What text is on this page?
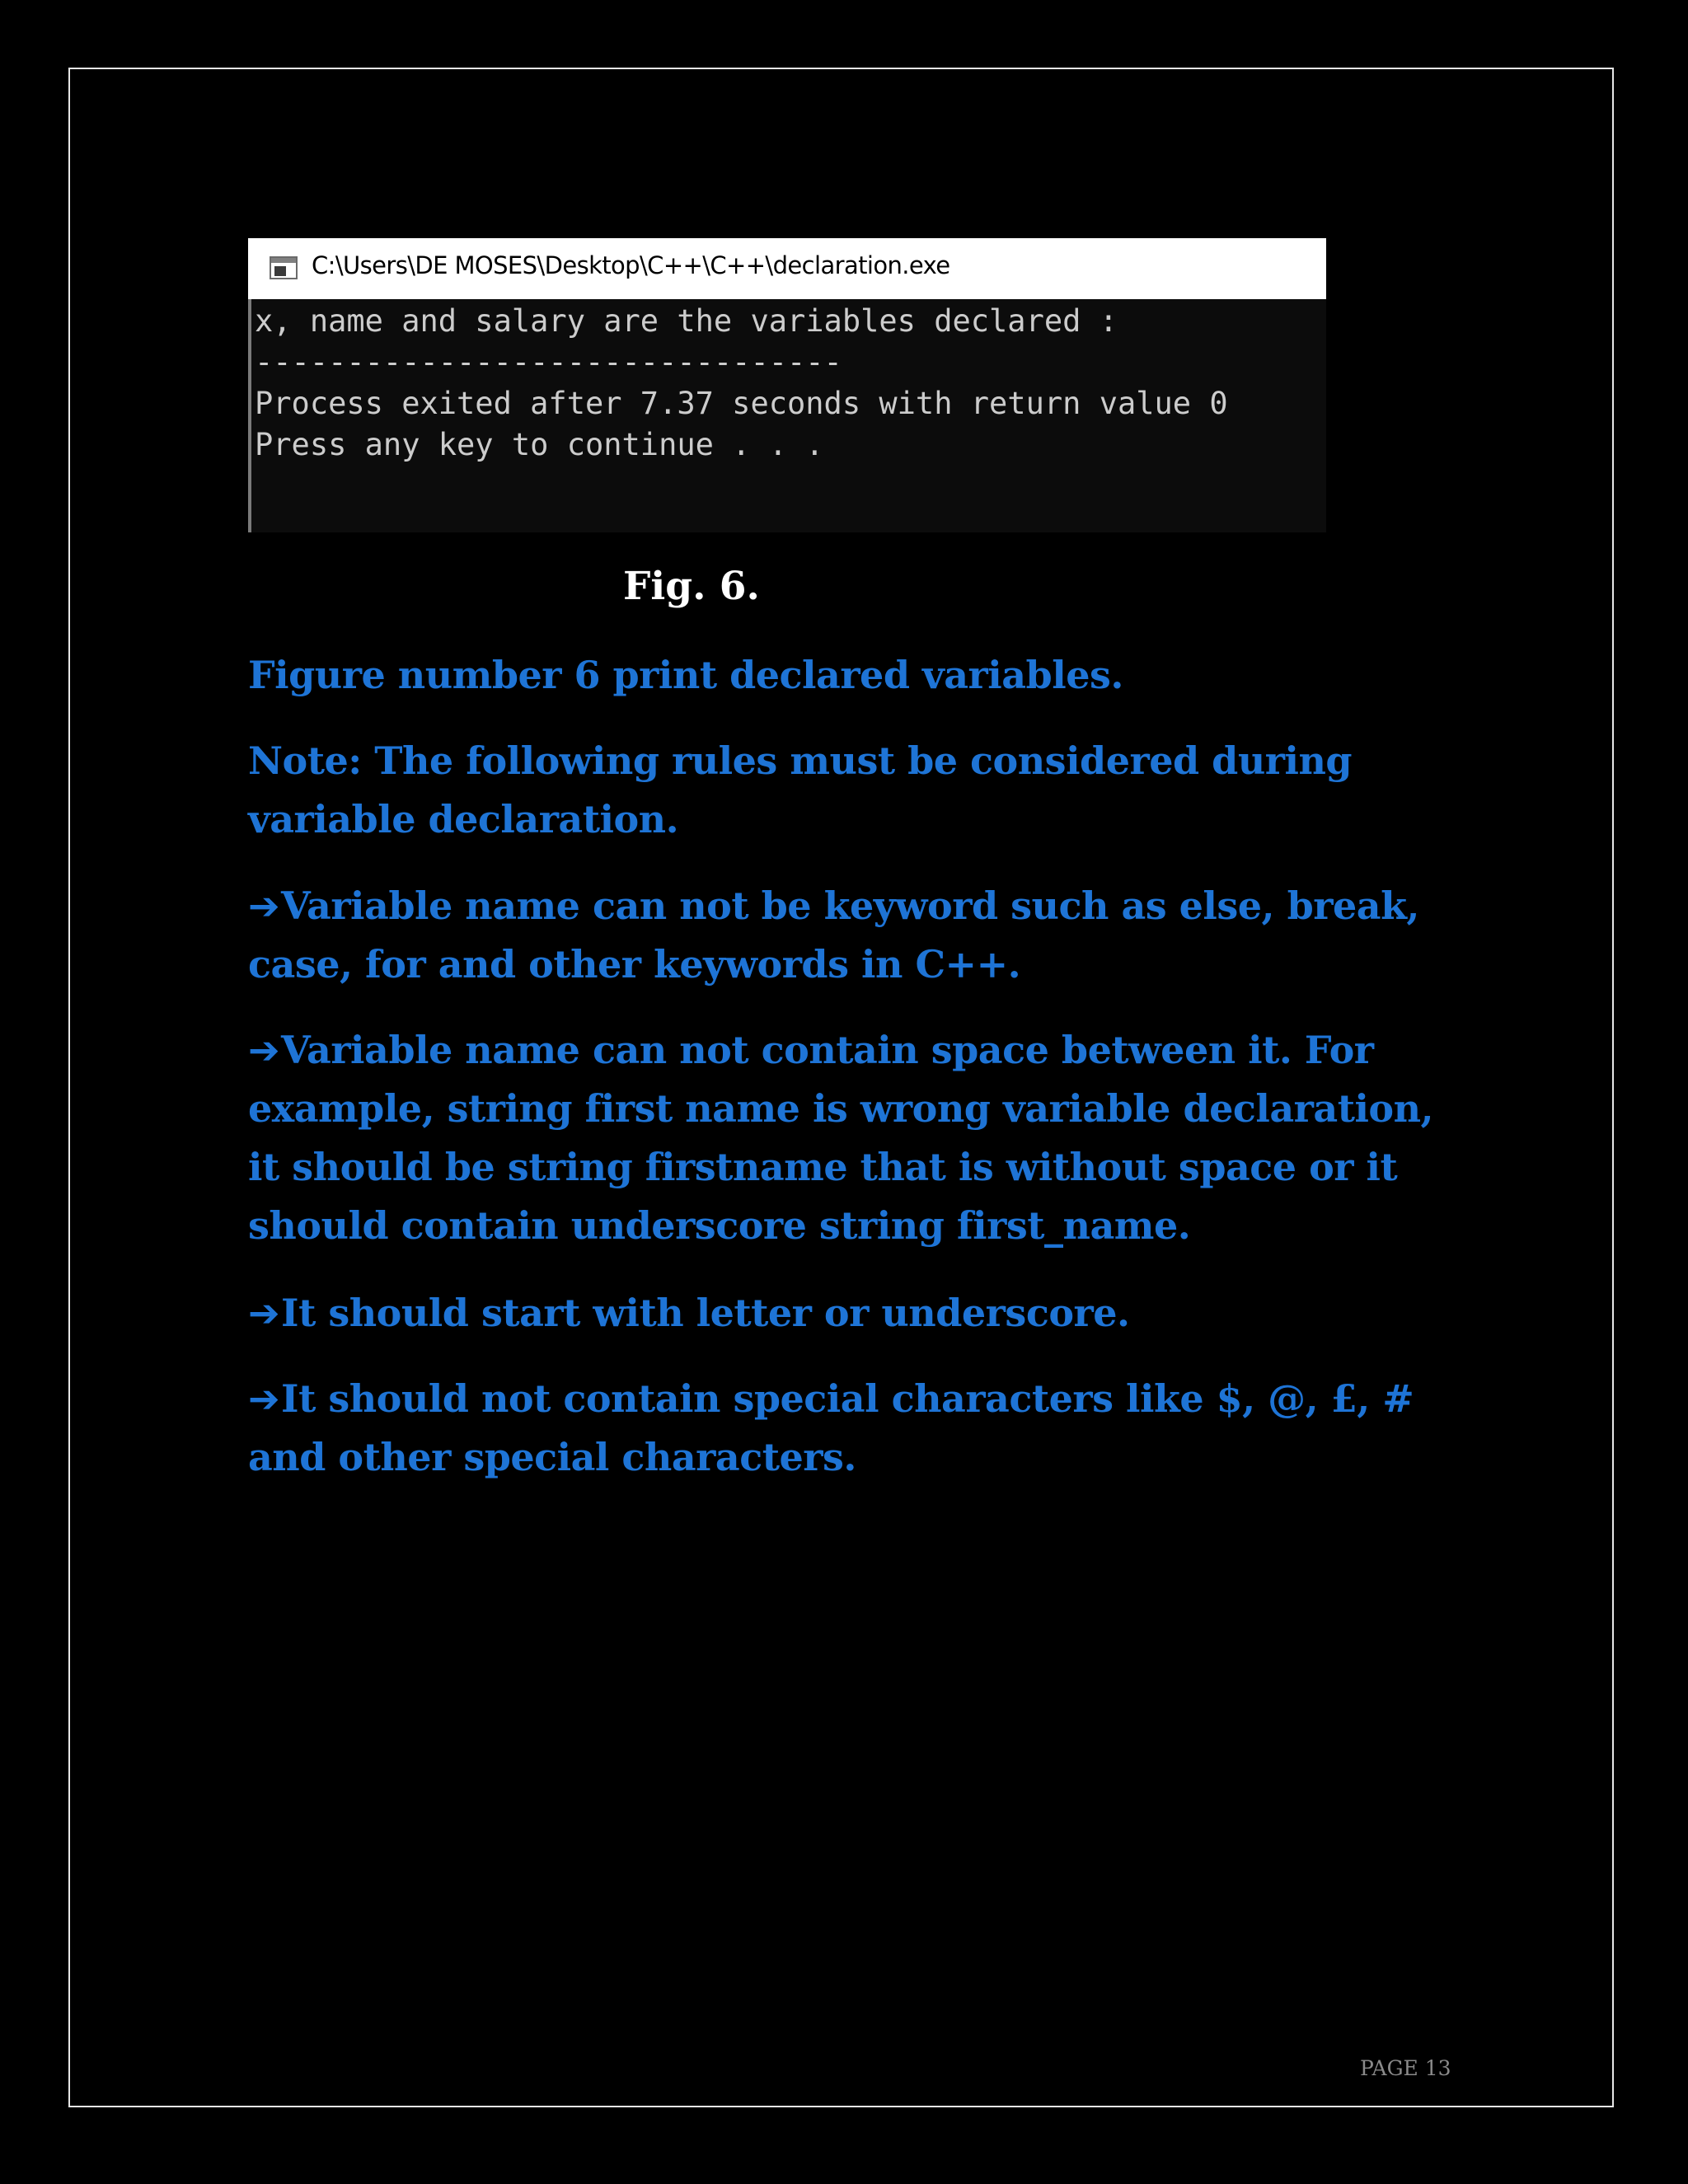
C:\Users\DE MOSES\Desktop\C++\C++\declaration.exe
x, name and salary are the variables declared :
--------------------------------
Process exited after 7.37 seconds with return value 0
Press any key to continue . . .
Fig. 6.
Figure number 6 print declared variables.
Note: The following rules must be considered during variable declaration.
➔Variable name can not be keyword such as else, break, case, for and other keywords in C++.
➔Variable name can not contain space between it. For example, string first name is wrong variable declaration, it should be string firstname that is without space or it should contain underscore string first_name.
➔It should start with letter or underscore.
➔It should not contain special characters like $, @, £, # and other special characters.
PAGE 13
